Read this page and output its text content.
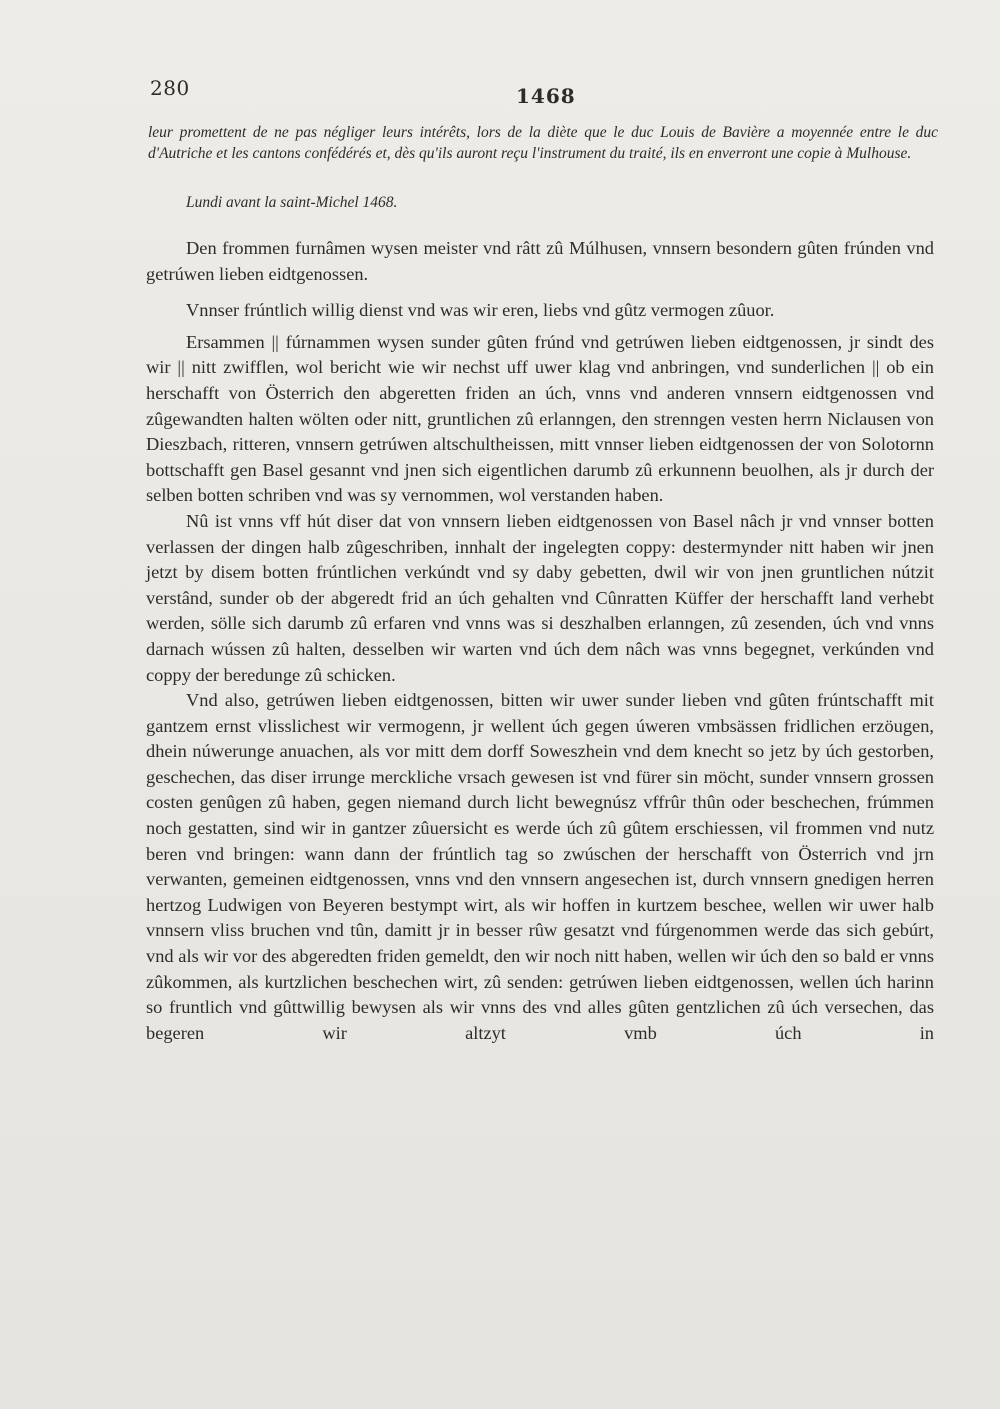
280	1468
leur promettent de ne pas négliger leurs intérêts, lors de la diète que le duc Louis de Bavière a moyennée entre le duc d'Autriche et les cantons confédérés et, dès qu'ils auront reçu l'instrument du traité, ils en enverront une copie à Mulhouse.
Lundi avant la saint-Michel 1468.

Den frommen furnâmen wysen meister vnd râtt zû Múlhusen, vnnsern besondern gûten frúnden vnd getrúwen lieben eidtgenossen.

Vnnser frúntlich willig dienst vnd was wir eren, liebs vnd gûtz vermogen zûuor.

Ersammen || fúrnammen wysen sunder gûten frúnd vnd getrúwen lieben eidtgenossen, jr sindt des wir || nitt zwifflen, wol bericht wie wir nechst uff uwer klag vnd anbringen, vnd sunderlichen || ob ein herschafft von Österrich den abgeretten friden an úch, vnns vnd anderen vnnsern eidtgenossen vnd zûgewandten halten wölten oder nitt, gruntlichen zû erlanngen, den strenngen vesten herrn Niclausen von Dieszbach, ritteren, vnnsern getrúwen altschultheissen, mitt vnnser lieben eidtgenossen der von Solotornn bottschafft gen Basel gesannt vnd jnen sich eigentlichen darumb zû erkunnenn beuolhen, als jr durch der selben botten schriben vnd was sy vernommen, wol verstanden haben.

Nû ist vnns vff hút diser dat von vnnsern lieben eidtgenossen von Basel nâch jr vnd vnnser botten verlassen der dingen halb zûgeschriben, innhalt der ingelegten coppy: destermynder nitt haben wir jnen jetzt by disem botten frúntlichen verkúndt vnd sy daby gebetten, dwil wir von jnen gruntlichen nútzit verstând, sunder ob der abgeredt frid an úch gehalten vnd Cûnratten Küffer der herschafft land verhebt werden, sölle sich darumb zû erfaren vnd vnns was si deszhalben erlanngen, zû zesenden, úch vnd vnns darnach wússen zû halten, desselben wir warten vnd úch dem nâch was vnns begegnet, verkúnden vnd coppy der beredunge zû schicken.

Vnd also, getrúwen lieben eidtgenossen, bitten wir uwer sunder lieben vnd gûten frúntschafft mit gantzem ernst vlisslichest wir vermogenn, jr wellent úch gegen úweren vmbsässen fridlichen erzöugen, dhein núwerunge anuachen, als vor mitt dem dorff Soweszhein vnd dem knecht so jetz by úch gestorben, geschechen, das diser irrunge merckliche vrsach gewesen ist vnd fürer sin möcht, sunder vnnsern grossen costen genûgen zû haben, gegen niemand durch licht bewegnúsz vffrûr thûn oder beschechen, frúmmen noch gestatten, sind wir in gantzer zûuersicht es werde úch zû gûtem erschiessen, vil frommen vnd nutz beren vnd bringen: wann dann der frúntlich tag so zwúschen der herschafft von Österrich vnd jrn verwanten, gemeinen eidtgenossen, vnns vnd den vnnsern angesechen ist, durch vnnsern gnedigen herren hertzog Ludwigen von Beyeren bestympt wirt, als wir hoffen in kurtzem beschee, wellen wir uwer halb vnnsern vliss bruchen vnd tûn, damitt jr in besser rûw gesatzt vnd fúrgenommen werde das sich gebúrt, vnd als wir vor des abgeredten friden gemeldt, den wir noch nitt haben, wellen wir úch den so bald er vnns zûkommen, als kurtzlichen beschechen wirt, zû senden: getrúwen lieben eidtgenossen, wellen úch harinn so fruntlich vnd gûttwillig bewysen als wir vnns des vnd alles gûten gentzlichen zû úch versechen, das begeren wir altzyt vmb úch in
